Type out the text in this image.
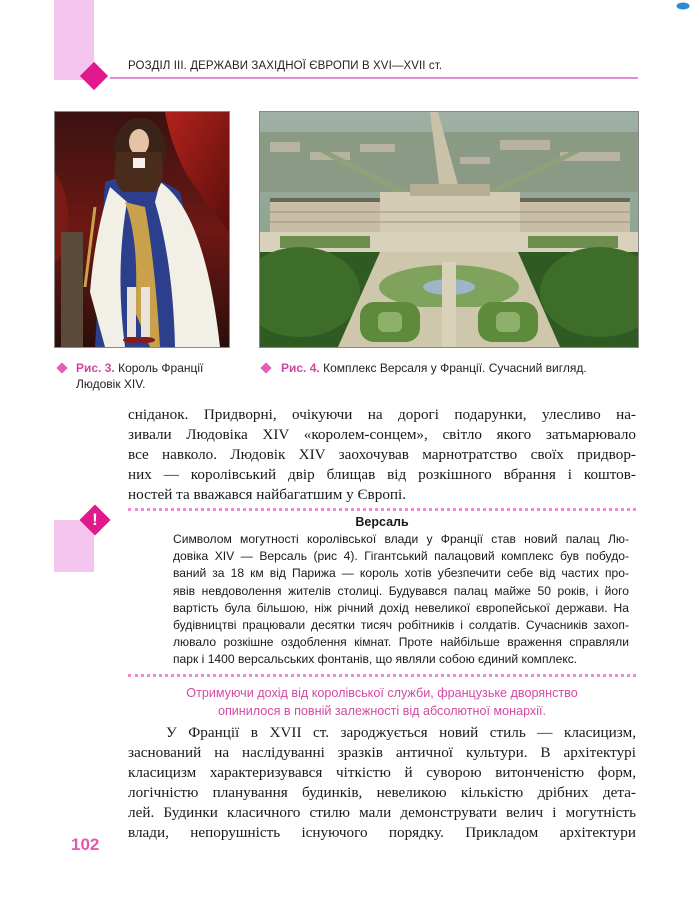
РОЗДІЛ ІІІ. ДЕРЖАВИ ЗАХІДНОЇ ЄВРОПИ В XVI—XVII ст.
Рис. 3. Король Франції
Людовік XIV.
Рис. 4. Комплекс Версаля у Франції. Сучасний вигляд.
сніданок. Придворні, очікуючи на дорогі подарунки, улесливо на-
зивали Людовіка XIV «королем-сонцем», світло якого затьмарювало
все навколо. Людовік XIV заохочував марнотратство своїх придвор-
них — королівський двір блищав від розкішного вбрання і коштов-
ностей та вважався найбагатшим у Європі.
!	Версаль
Символом могутності королівської влади у Франції став новий палац Лю-
довіка XIV — Версаль (рис 4). Гігантський палацовий комплекс був побудо-
ваний за 18 км від Парижа — король хотів убезпечити себе від частих про-
явів невдоволення жителів столиці. Будувався палац майже 50 років, і його
вартість була більшою, ніж річний дохід невеликої європейської держави. На
будівництві працювали десятки тисяч робітників і солдатів. Сучасників захоп-
лювало розкішне оздоблення кімнат. Проте найбільше враження справляли
парк і 1400 версальських фонтанів, що являли собою єдиний комплекс.
Отримуючи дохід від королівської служби, французьке дворянство
опинилося в повній залежності від абсолютної монархії.
У Франції в XVII ст. зароджується новий стиль — класицизм,
заснований на наслідуванні зразків античної культури. В архітектурі
класицизм характеризувався чіткістю й суворою витонченістю форм,
логічністю планування будинків, невеликою кількістю дрібних дета-
лей. Будинки класичного стилю мали демонструвати велич і могутність
влади, непорушність існуючого порядку. Прикладом архітектури
102
